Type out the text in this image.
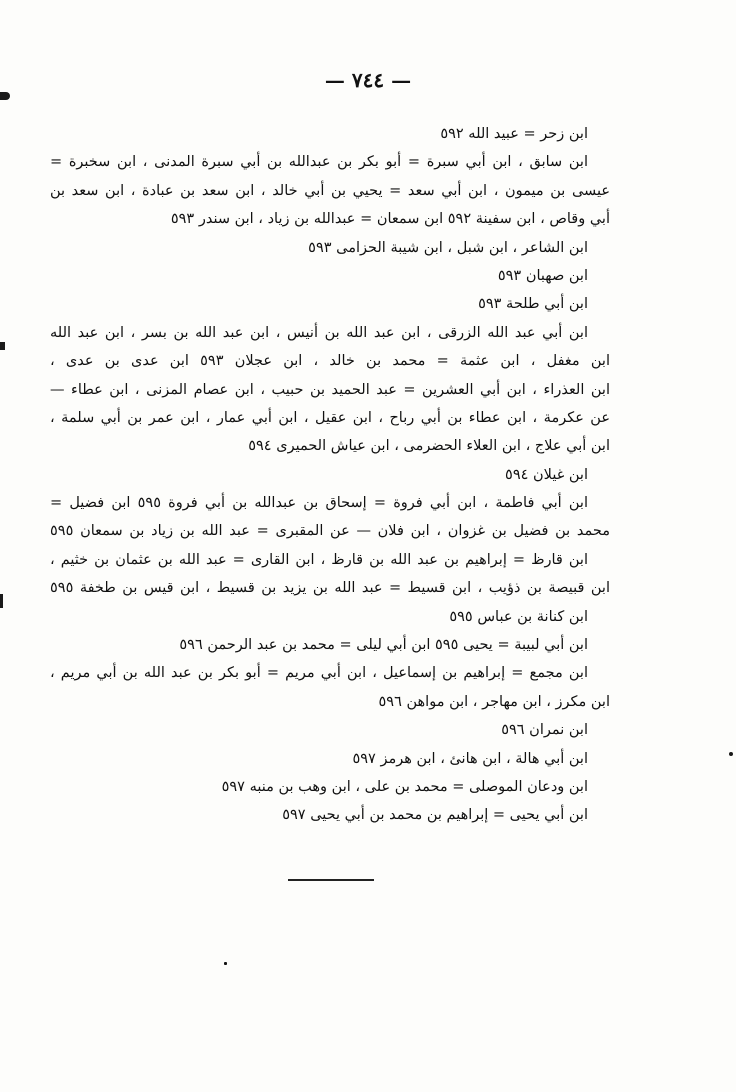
— ٧٤٤ —
ابن زحر = عبيد الله ٥٩٢
ابن سابق ، ابن أبي سبرة = أبو بكر بن عبدالله بن أبي سبرة المدنى ، ابن سخبرة =
عيسى بن ميمون ، ابن أبي سعد = يحيي بن أبي خالد ، ابن سعد بن عبادة ، ابن سعد بن
أبي وقاص ، ابن سفينة ٥٩٢ ابن سمعان = عبدالله بن زياد ، ابن سندر ٥٩٣
ابن الشاعر ، ابن شبل ، ابن شيبة الحزامى ٥٩٣
ابن صهبان ٥٩٣
ابن أبي طلحة ٥٩٣
ابن أبي عبد الله الزرقى ، ابن عبد الله بن أنيس ، ابن عبد الله بن بسر ، ابن عبد الله
ابن مغفل ، ابن عثمة = محمد بن خالد ، ابن عجلان ٥٩٣ ابن عدى بن عدى ،
ابن العذراء ، ابن أبي العشرين = عبد الحميد بن حبيب ، ابن عصام المزنى ، ابن عطاء —
عن عكرمة ، ابن عطاء بن أبي رباح ، ابن عقيل ، ابن أبي عمار ، ابن عمر بن أبي سلمة ،
ابن أبي علاج ، ابن العلاء الحضرمى ، ابن عياش الحميرى ٥٩٤
ابن غيلان ٥٩٤
ابن أبي فاطمة ، ابن أبي فروة = إسحاق بن عبدالله بن أبي فروة ٥٩٥ ابن فضيل =
محمد بن فضيل بن غزوان ، ابن فلان — عن المقبرى = عبد الله بن زياد بن سمعان ٥٩٥
ابن قارظ = إبراهيم بن عبد الله بن قارظ ، ابن القارى = عبد الله بن عثمان بن خثيم ،
ابن قبيصة بن ذؤيب ، ابن قسيط = عبد الله بن يزيد بن قسيط ، ابن قيس بن طخفة ٥٩٥
ابن كنانة بن عباس ٥٩٥
ابن أبي لبيبة = يحيى ٥٩٥ ابن أبي ليلى = محمد بن عبد الرحمن ٥٩٦
ابن مجمع = إبراهيم بن إسماعيل ، ابن أبي مريم = أبو بكر بن عبد الله بن أبي مريم ،
ابن مكرز ، ابن مهاجر ، ابن مواهن ٥٩٦
ابن نمران ٥٩٦
ابن أبي هالة ، ابن هانئ ، ابن هرمز ٥٩٧
ابن ودعان الموصلى = محمد بن على ، ابن وهب بن منبه ٥٩٧
ابن أبي يحيى = إبراهيم بن محمد بن أبي يحيى ٥٩٧
